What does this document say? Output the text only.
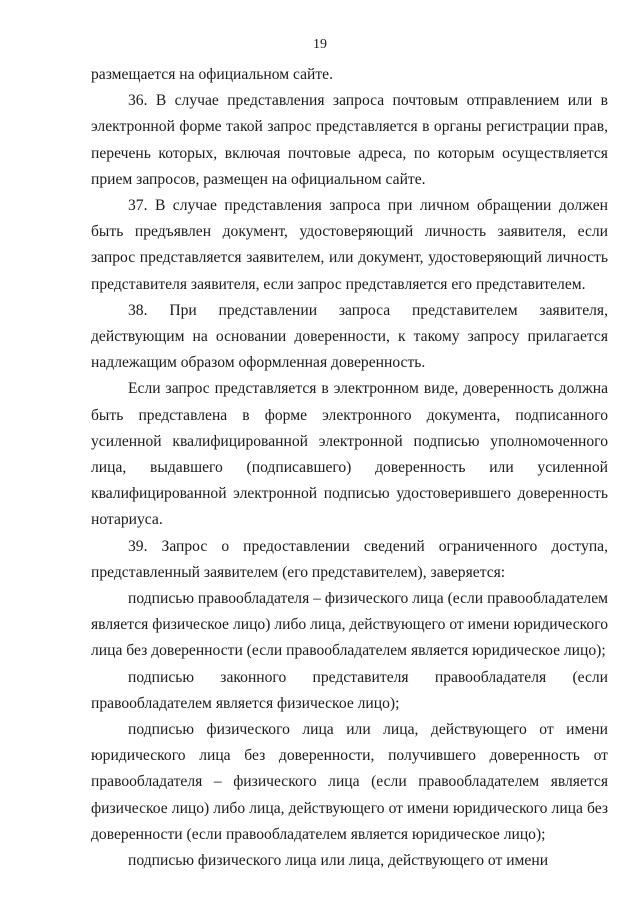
19

размещается на официальном сайте.

36. В случае представления запроса почтовым отправлением или в электронной форме такой запрос представляется в органы регистрации прав, перечень которых, включая почтовые адреса, по которым осуществляется прием запросов, размещен на официальном сайте.

37. В случае представления запроса при личном обращении должен быть предъявлен документ, удостоверяющий личность заявителя, если запрос представляется заявителем, или документ, удостоверяющий личность представителя заявителя, если запрос представляется его представителем.

38. При представлении запроса представителем заявителя, действующим на основании доверенности, к такому запросу прилагается надлежащим образом оформленная доверенность.

Если запрос представляется в электронном виде, доверенность должна быть представлена в форме электронного документа, подписанного усиленной квалифицированной электронной подписью уполномоченного лица, выдавшего (подписавшего) доверенность или усиленной квалифицированной электронной подписью удостоверившего доверенность нотариуса.

39. Запрос о предоставлении сведений ограниченного доступа, представленный заявителем (его представителем), заверяется:

подписью правообладателя – физического лица (если правообладателем является физическое лицо) либо лица, действующего от имени юридического лица без доверенности (если правообладателем является юридическое лицо);

подписью законного представителя правообладателя (если правообладателем является физическое лицо);

подписью физического лица или лица, действующего от имени юридического лица без доверенности, получившего доверенность от правообладателя – физического лица (если правообладателем является физическое лицо) либо лица, действующего от имени юридического лица без доверенности (если правообладателем является юридическое лицо);

подписью физического лица или лица, действующего от имени
